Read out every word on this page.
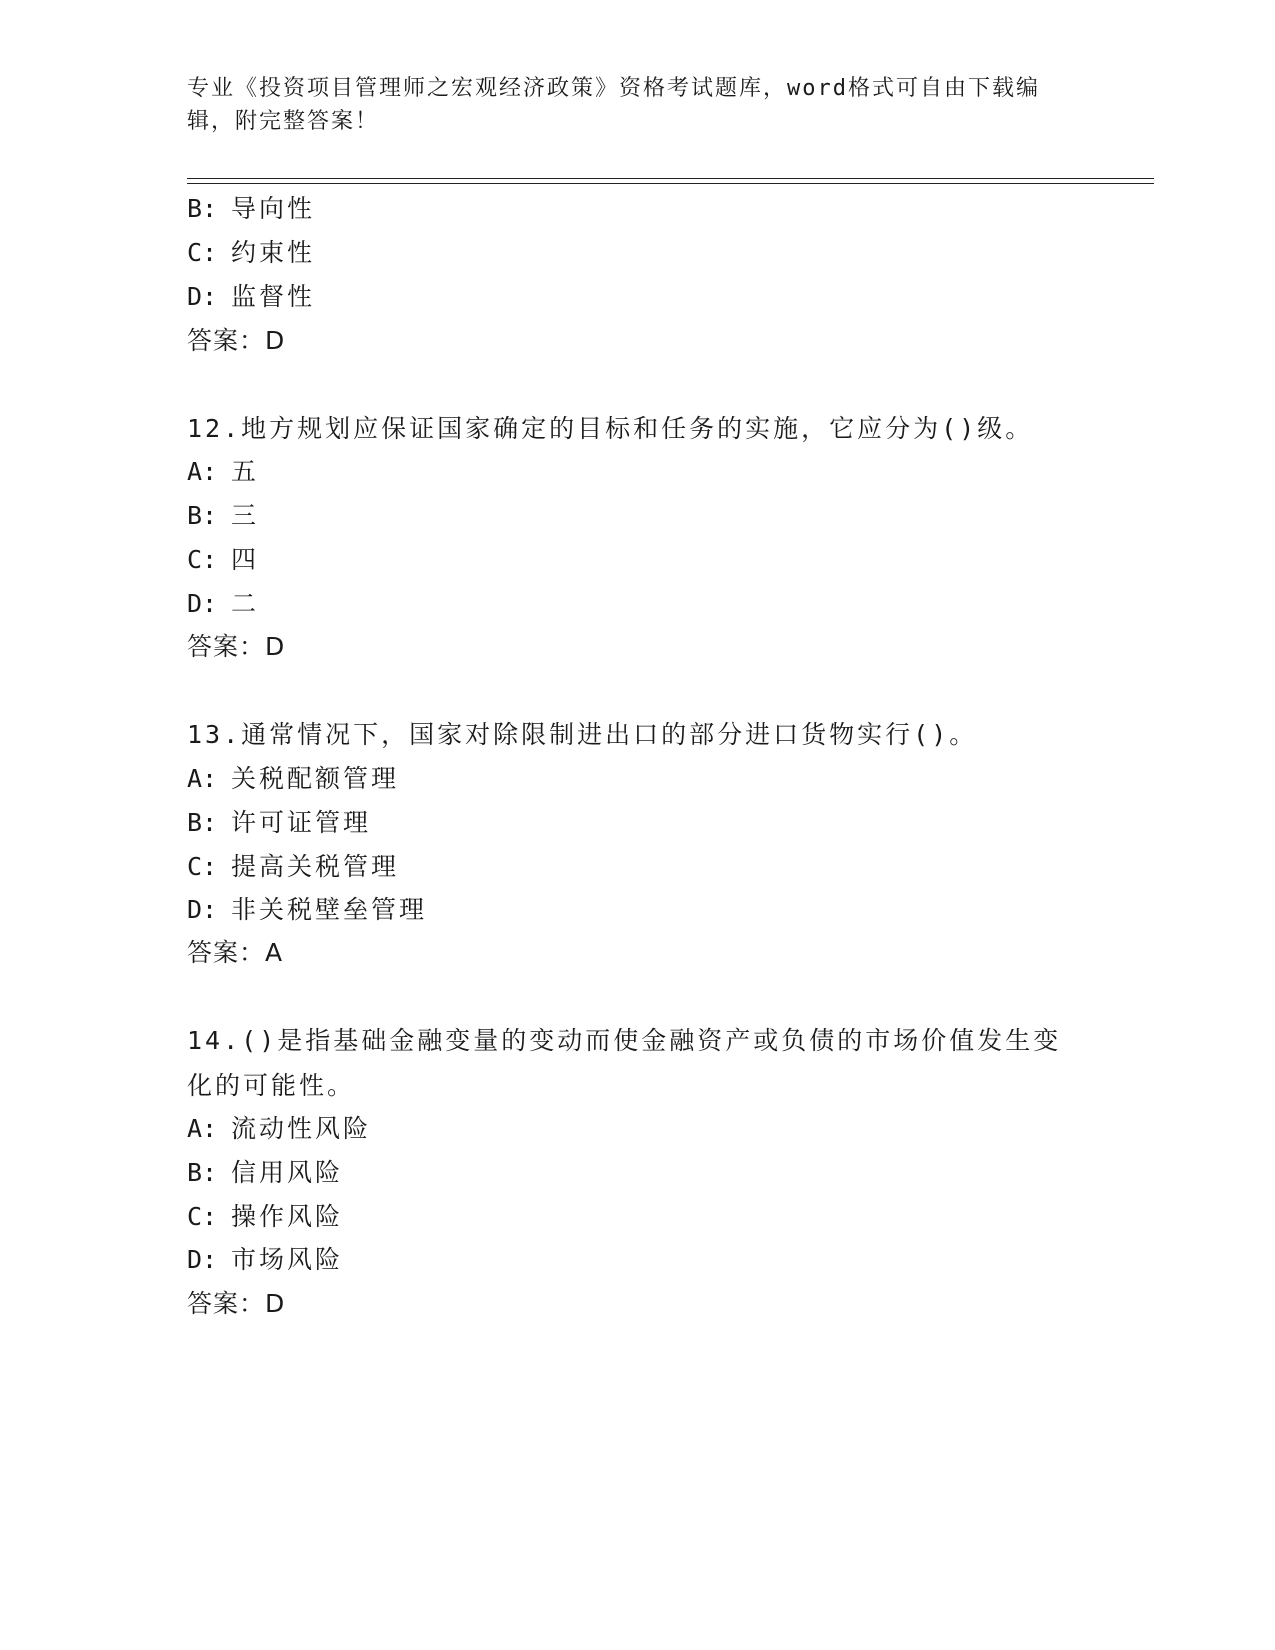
专业《投资项目管理师之宏观经济政策》资格考试题库，word格式可自由下载编辑，附完整答案！
B: 导向性
C: 约束性
D: 监督性
答案：D
12.地方规划应保证国家确定的目标和任务的实施，它应分为()级。
A: 五
B: 三
C: 四
D: 二
答案：D
13.通常情况下，国家对除限制进出口的部分进口货物实行()。
A: 关税配额管理
B: 许可证管理
C: 提高关税管理
D: 非关税壁垒管理
答案：A
14.()是指基础金融变量的变动而使金融资产或负债的市场价值发生变化的可能性。
A: 流动性风险
B: 信用风险
C: 操作风险
D: 市场风险
答案：D
